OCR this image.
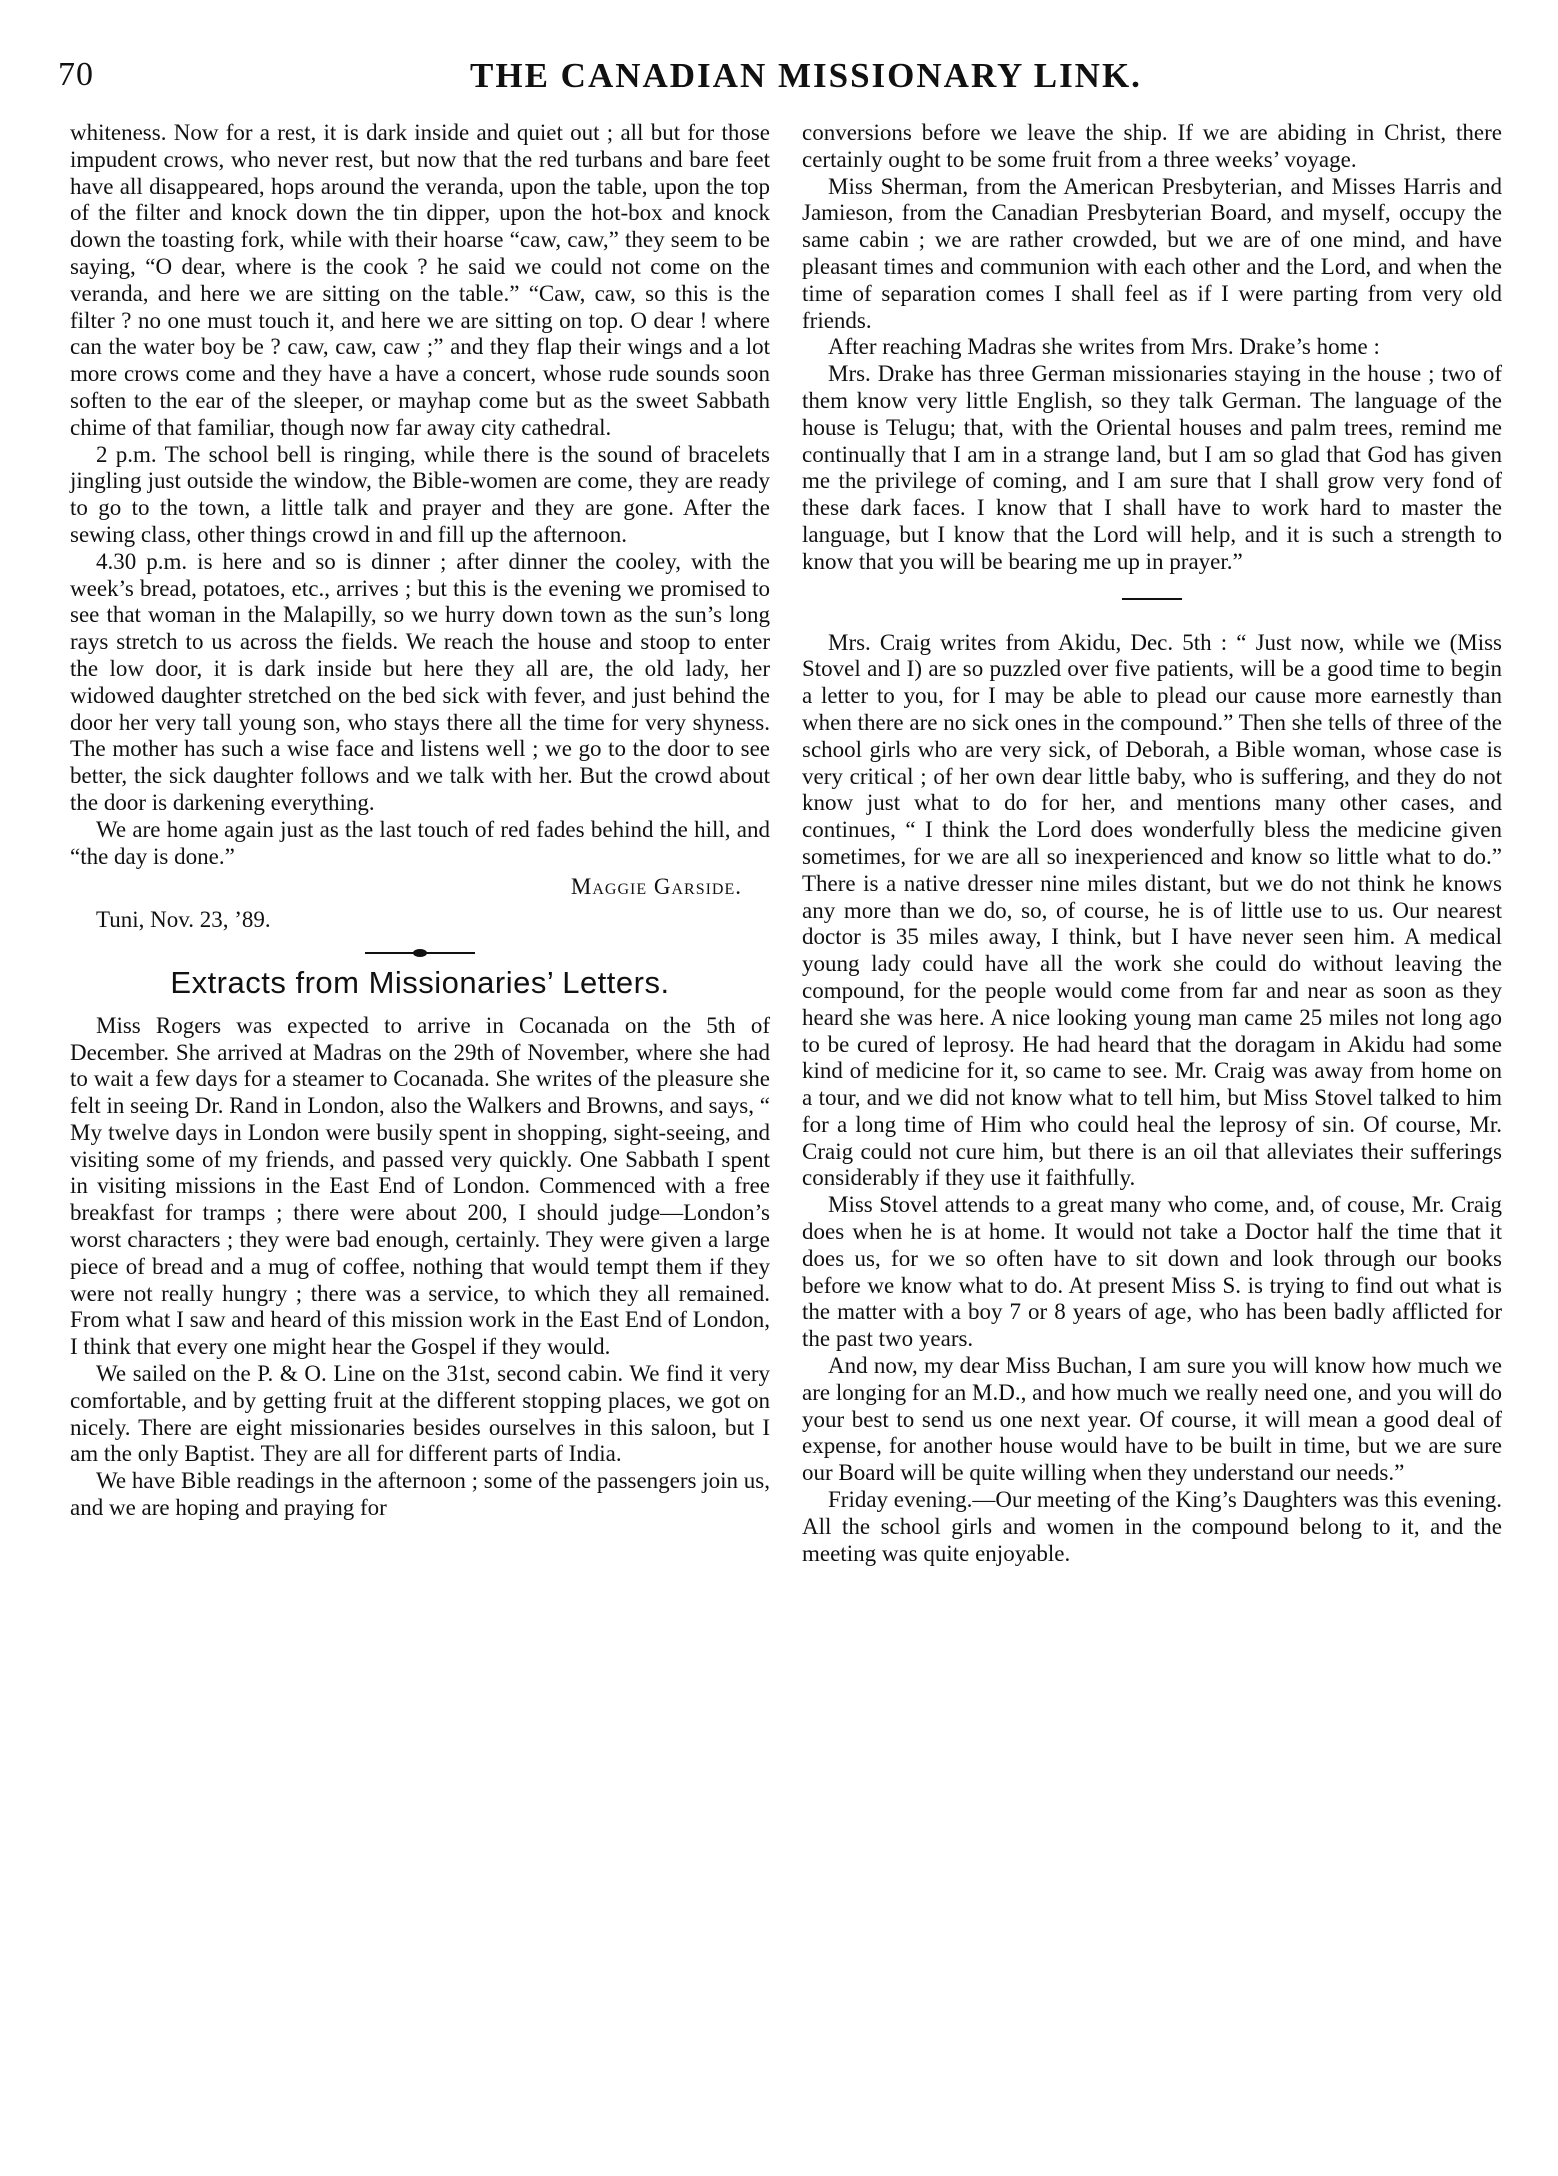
70	THE CANADIAN MISSIONARY LINK.

whiteness. Now for a rest, it is dark inside and quiet out ; all but for those impudent crows, who never rest, but now that the red turbans and bare feet have all disappeared, hops around the veranda, upon the table, upon the top of the filter and knock down the tin dipper, upon the hot-box and knock down the toasting fork, while with their hoarse “caw, caw,” they seem to be saying, “O dear, where is the cook ? he said we could not come on the veranda, and here we are sitting on the table.” “Caw, caw, so this is the filter ? no one must touch it, and here we are sitting on top. O dear ! where can the water boy be ? caw, caw, caw ;” and they flap their wings and a lot more crows come and they have a have a concert, whose rude sounds soon soften to the ear of the sleeper, or mayhap come but as the sweet Sabbath chime of that familiar, though now far away city cathedral.

2 p.m. The school bell is ringing, while there is the sound of bracelets jingling just outside the window, the Bible-women are come, they are ready to go to the town, a little talk and prayer and they are gone. After the sewing class, other things crowd in and fill up the afternoon.

4.30 p.m. is here and so is dinner ; after dinner the cooley, with the week’s bread, potatoes, etc., arrives ; but this is the evening we promised to see that woman in the Malapilly, so we hurry down town as the sun’s long rays stretch to us across the fields. We reach the house and stoop to enter the low door, it is dark inside but here they all are, the old lady, her widowed daughter stretched on the bed sick with fever, and just behind the door her very tall young son, who stays there all the time for very shyness. The mother has such a wise face and listens well ; we go to the door to see better, the sick daughter follows and we talk with her. But the crowd about the door is darkening everything.

We are home again just as the last touch of red fades behind the hill, and “the day is done.”

Maggie Garside.

Tuni, Nov. 23, ’89.

Extracts from Missionaries’ Letters.

Miss Rogers was expected to arrive in Cocanada on the 5th of December. She arrived at Madras on the 29th of November, where she had to wait a few days for a steamer to Cocanada. She writes of the pleasure she felt in seeing Dr. Rand in London, also the Walkers and Browns, and says, “ My twelve days in London were busily spent in shopping, sight-seeing, and visiting some of my friends, and passed very quickly. One Sabbath I spent in visiting missions in the East End of London. Commenced with a free breakfast for tramps ; there were about 200, I should judge—London’s worst characters ; they were bad enough, certainly. They were given a large piece of bread and a mug of coffee, nothing that would tempt them if they were not really hungry ; there was a service, to which they all remained. From what I saw and heard of this mission work in the East End of London, I think that every one might hear the Gospel if they would.

We sailed on the P. & O. Line on the 31st, second cabin. We find it very comfortable, and by getting fruit at the different stopping places, we got on nicely. There are eight missionaries besides ourselves in this saloon, but I am the only Baptist. They are all for different parts of India.

We have Bible readings in the afternoon ; some of the passengers join us, and we are hoping and praying for

conversions before we leave the ship. If we are abiding in Christ, there certainly ought to be some fruit from a three weeks’ voyage.

Miss Sherman, from the American Presbyterian, and Misses Harris and Jamieson, from the Canadian Presbyterian Board, and myself, occupy the same cabin ; we are rather crowded, but we are of one mind, and have pleasant times and communion with each other and the Lord, and when the time of separation comes I shall feel as if I were parting from very old friends.

After reaching Madras she writes from Mrs. Drake’s home :

Mrs. Drake has three German missionaries staying in the house ; two of them know very little English, so they talk German. The language of the house is Telugu; that, with the Oriental houses and palm trees, remind me continually that I am in a strange land, but I am so glad that God has given me the privilege of coming, and I am sure that I shall grow very fond of these dark faces. I know that I shall have to work hard to master the language, but I know that the Lord will help, and it is such a strength to know that you will be bearing me up in prayer.”

Mrs. Craig writes from Akidu, Dec. 5th : “ Just now, while we (Miss Stovel and I) are so puzzled over five patients, will be a good time to begin a letter to you, for I may be able to plead our cause more earnestly than when there are no sick ones in the compound.” Then she tells of three of the school girls who are very sick, of Deborah, a Bible woman, whose case is very critical ; of her own dear little baby, who is suffering, and they do not know just what to do for her, and mentions many other cases, and continues, “ I think the Lord does wonderfully bless the medicine given sometimes, for we are all so inexperienced and know so little what to do.” There is a native dresser nine miles distant, but we do not think he knows any more than we do, so, of course, he is of little use to us. Our nearest doctor is 35 miles away, I think, but I have never seen him. A medical young lady could have all the work she could do without leaving the compound, for the people would come from far and near as soon as they heard she was here. A nice looking young man came 25 miles not long ago to be cured of leprosy. He had heard that the doragam in Akidu had some kind of medicine for it, so came to see. Mr. Craig was away from home on a tour, and we did not know what to tell him, but Miss Stovel talked to him for a long time of Him who could heal the leprosy of sin. Of course, Mr. Craig could not cure him, but there is an oil that alleviates their sufferings considerably if they use it faithfully.

Miss Stovel attends to a great many who come, and, of couse, Mr. Craig does when he is at home. It would not take a Doctor half the time that it does us, for we so often have to sit down and look through our books before we know what to do. At present Miss S. is trying to find out what is the matter with a boy 7 or 8 years of age, who has been badly afflicted for the past two years.

And now, my dear Miss Buchan, I am sure you will know how much we are longing for an M.D., and how much we really need one, and you will do your best to send us one next year. Of course, it will mean a good deal of expense, for another house would have to be built in time, but we are sure our Board will be quite willing when they understand our needs.”

Friday evening.—Our meeting of the King’s Daughters was this evening. All the school girls and women in the compound belong to it, and the meeting was quite enjoyable.
